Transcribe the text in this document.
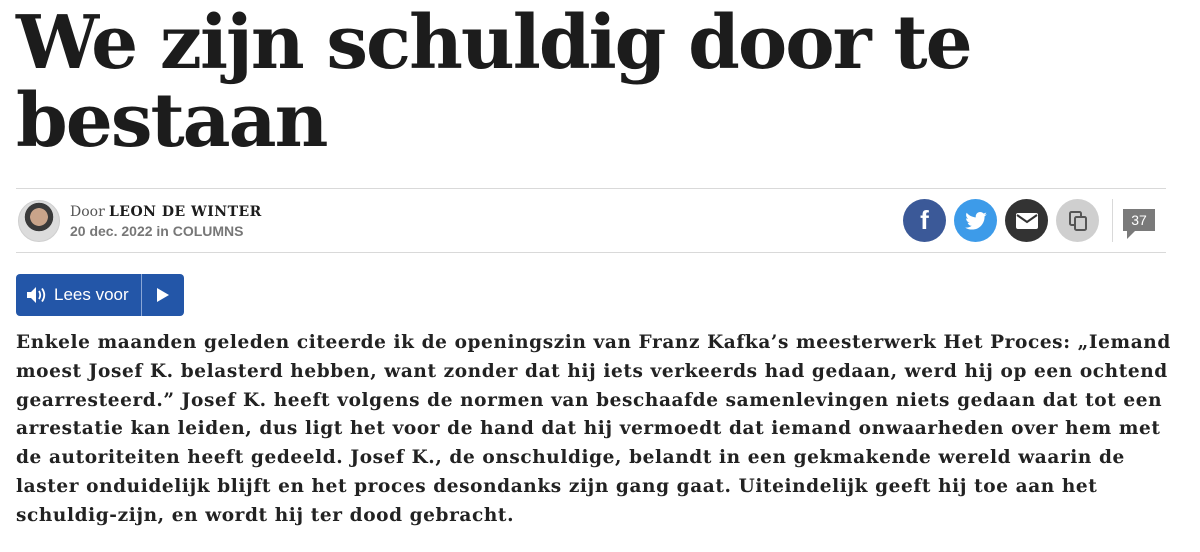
We zijn schuldig door te bestaan
Door LEON DE WINTER
20 dec. 2022 in COLUMNS	f	37
Lees voor

Enkele maanden geleden citeerde ik de openingszin van Franz Kafka’s meesterwerk Het Proces: „Iemand moest Josef K. belasterd hebben, want zonder dat hij iets verkeerds had gedaan, werd hij op een ochtend gearresteerd.” Josef K. heeft volgens de normen van beschaafde samenlevingen niets gedaan dat tot een arrestatie kan leiden, dus ligt het voor de hand dat hij vermoedt dat iemand onwaarheden over hem met de autoriteiten heeft gedeeld. Josef K., de onschuldige, belandt in een gekmakende wereld waarin de laster onduidelijk blijft en het proces desondanks zijn gang gaat. Uiteindelijk geeft hij toe aan het schuldig-zijn, en wordt hij ter dood gebracht.
